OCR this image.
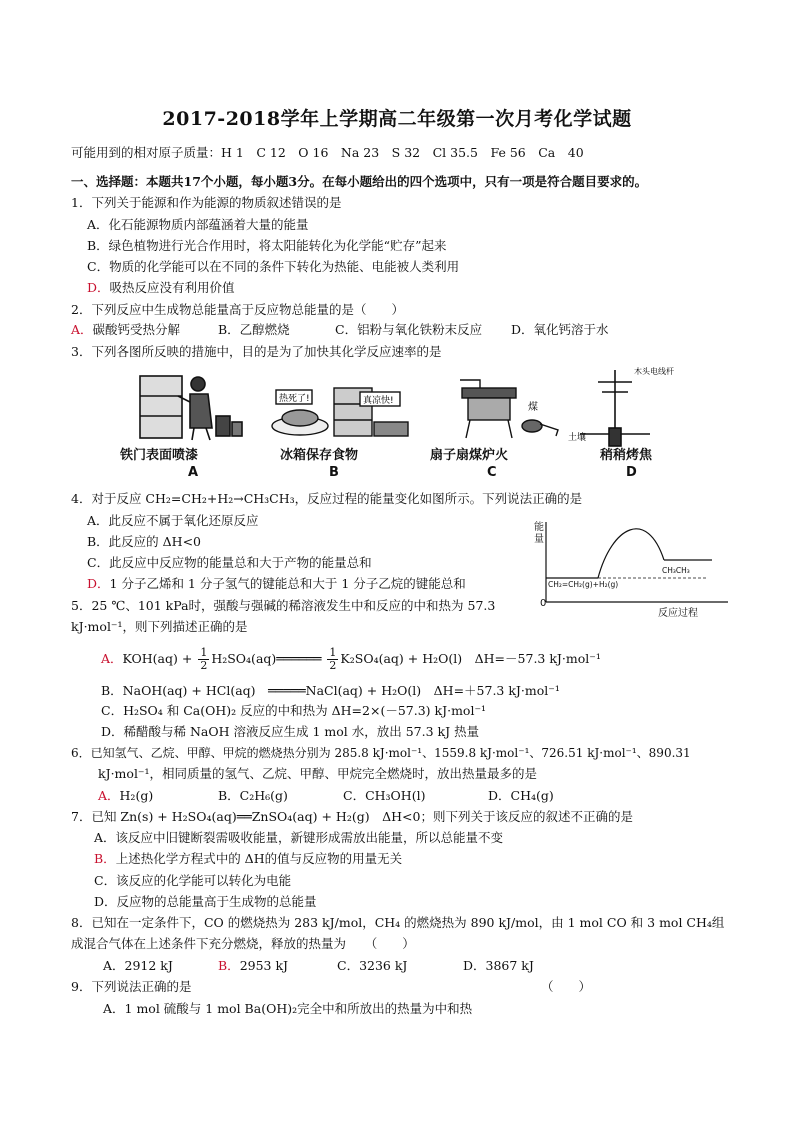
2017-2018学年上学期高二年级第一次月考化学试题
可能用到的相对原子质量：H 1　C 12　O 16　Na 23　S 32　Cl 35.5　Fe 56　Ca　40
一、选择题：本题共17个小题，每小题3分。在每小题给出的四个选项中，只有一项是符合题目要求的。
1．下列关于能源和作为能源的物质叙述错误的是
A．化石能源物质内部蕴涵着大量的能量
B．绿色植物进行光合作用时，将太阳能转化为化学能“贮存”起来
C．物质的化学能可以在不同的条件下转化为热能、电能被人类利用
D．吸热反应没有利用价值
2．下列反应中生成物总能量高于反应物总能量的是（　　）
A．碳酸钙受热分解	B．乙醇燃烧	C．铝粉与氧化铁粉末反应 D．氧化钙溶于水
3．下列各图所反映的措施中，目的是为了加快其化学反应速率的是
热死了!	真凉快!
煤
木头电线杆
土壤
铁门表面喷漆	冰箱保存食物	扇子扇煤炉火	稍稍烤焦
A	B	C	D
4．对于反应 CH₂=CH₂+H₂→CH₃CH₃，反应过程的能量变化如图所示。下列说法正确的是
A．此反应不属于氧化还原反应
B．此反应的 ΔH<0
C．此反应中反应物的能量总和大于产物的能量总和
D．1 分子乙烯和 1 分子氢气的键能总和大于 1 分子乙烷的键能总和
能量
0
反应过程
CH₂=CH₂(g)+H₂(g)
CH₃CH₃
5．25 ℃、101 kPa时，强酸与强碱的稀溶液发生中和反应的中和热为 57.3
kJ·mol⁻¹，则下列描述正确的是
A．$KOH(aq) + \frac{1}{2}$ H₂SO₄(aq)══════ $\frac{1}{2} K_2SO_4(aq) + H_2O(l)$　ΔH=－57.3 kJ·mol⁻¹
B．NaOH(aq) + HCl(aq)　═════NaCl(aq) + H₂O(l)　ΔH=＋57.3 kJ·mol⁻¹
C．H₂SO₄ 和 Ca(OH)₂ 反应的中和热为 ΔH=2×(－57.3) kJ·mol⁻¹
D．稀醋酸与稀 NaOH 溶液反应生成 1 mol 水，放出 57.3 kJ 热量
6．已知氢气、乙烷、甲醇、甲烷的燃烧热分别为 285.8 kJ·mol⁻¹、1559.8 kJ·mol⁻¹、726.51 kJ·mol⁻¹、890.31
kJ·mol⁻¹，相同质量的氢气、乙烷、甲醇、甲烷完全燃烧时，放出热量最多的是
A．H₂(g)	B．C₂H₆(g)	C．CH₃OH(l)	D．CH₄(g)
7．已知 Zn(s) + H₂SO₄(aq)══ZnSO₄(aq) + H₂(g)　ΔH<0；则下列关于该反应的叙述不正确的是
A．该反应中旧键断裂需吸收能量，新键形成需放出能量，所以总能量不变
B．上述热化学方程式中的 ΔH的值与反应物的用量无关
C．该反应的化学能可以转化为电能
D．反应物的总能量高于生成物的总能量
8．已知在一定条件下，CO 的燃烧热为 283 kJ/mol，CH₄ 的燃烧热为 890 kJ/mol，由 1 mol CO 和 3 mol CH₄组
成混合气体在上述条件下充分燃烧，释放的热量为　　（　　）
A．2912 kJ	B．2953 kJ	C．3236 kJ	D．3867 kJ
9．下列说法正确的是	（　　）
A．1 mol 硫酸与 1 mol Ba(OH)₂完全中和所放出的热量为中和热
